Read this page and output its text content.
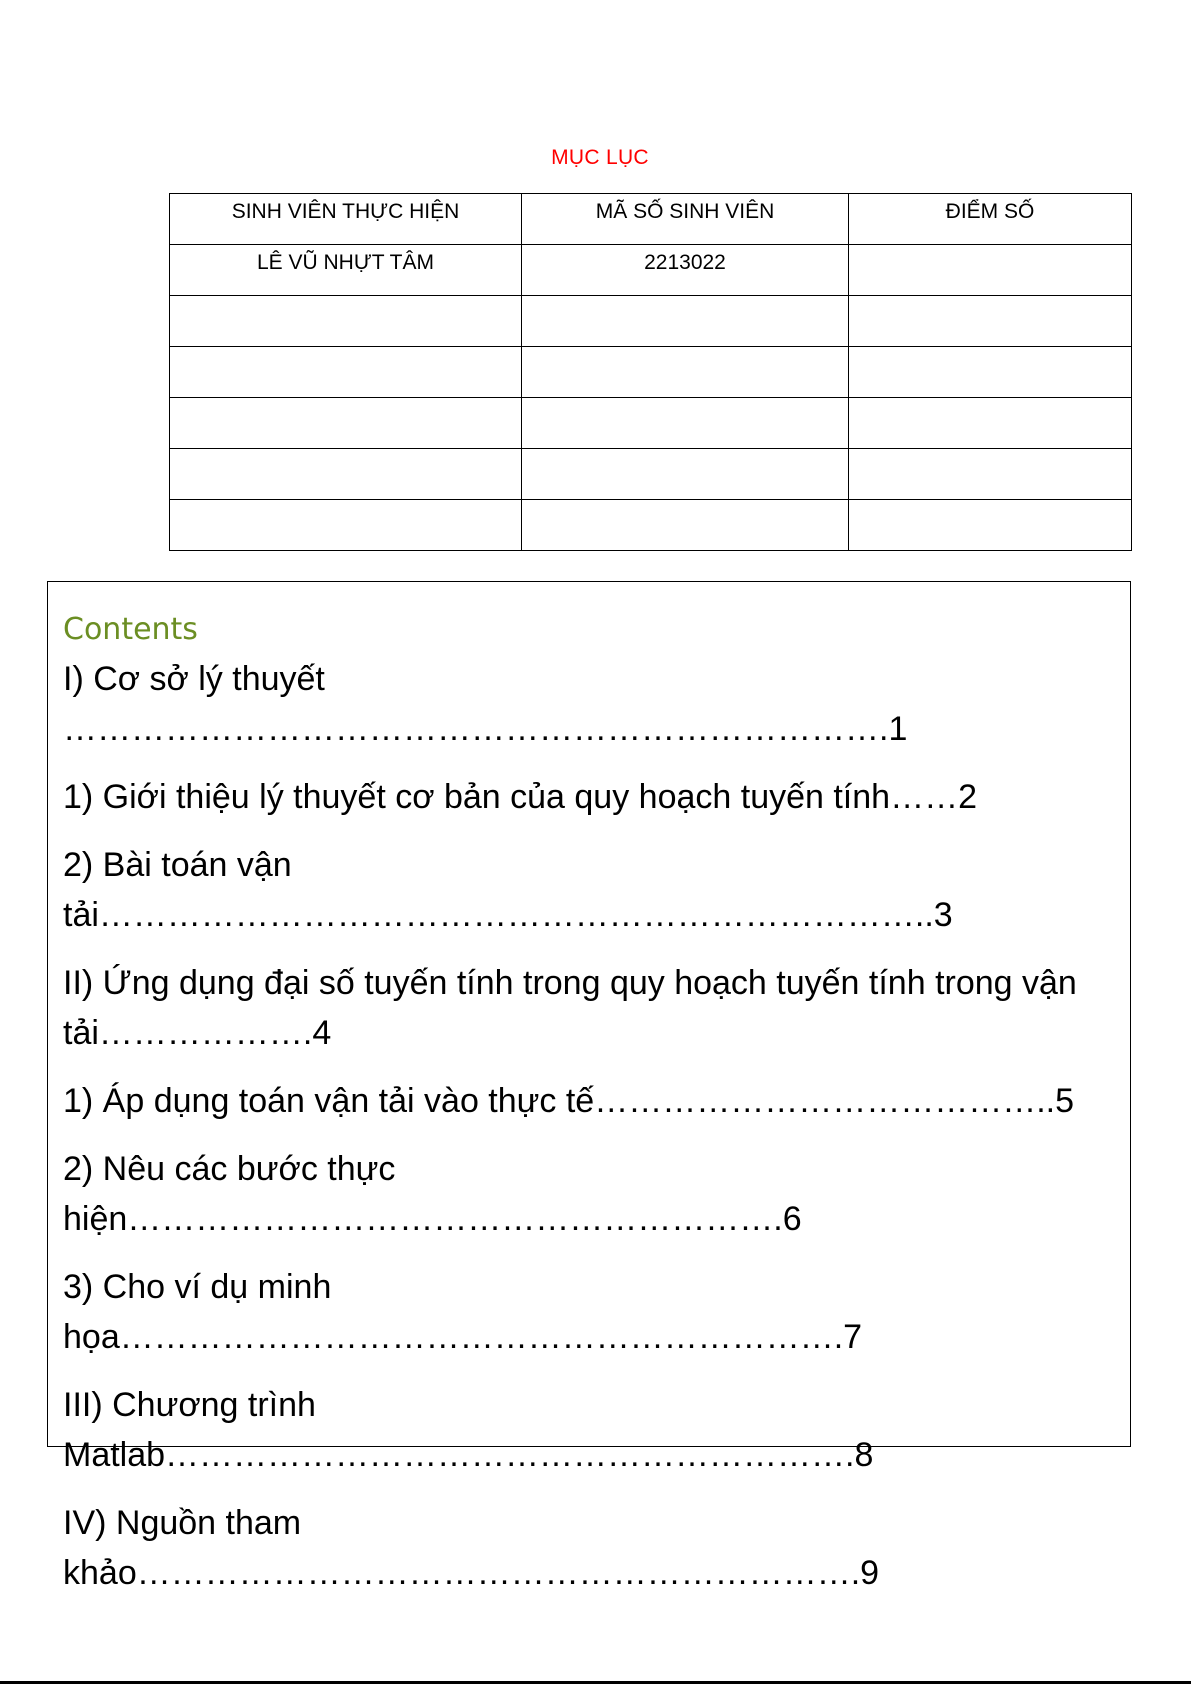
MỤC LỤC
SINH VIÊN THỰC HIỆN	MÃ SỐ SINH VIÊN	ĐIỂM SỐ

LÊ VŨ NHỰT TÂM	2213022	

Contents
I) Cơ sở lý thuyết ……………………………………………………………….1
1) Giới thiệu lý thuyết cơ bản của quy hoạch tuyến tính……2
2) Bài toán vận tải………………………………………………………………..3
II) Ứng dụng đại số tuyến tính trong quy hoạch tuyến tính trong vận tải……………….4
1) Áp dụng toán vận tải vào thực tế…………………………………..5
2) Nêu các bước thực hiện………………………………………………….6
3) Cho ví dụ minh họa……………………………………………………….7
III) Chương trình Matlab…………………………………………………….8
IV) Nguồn tham khảo……………………………………………………….9
